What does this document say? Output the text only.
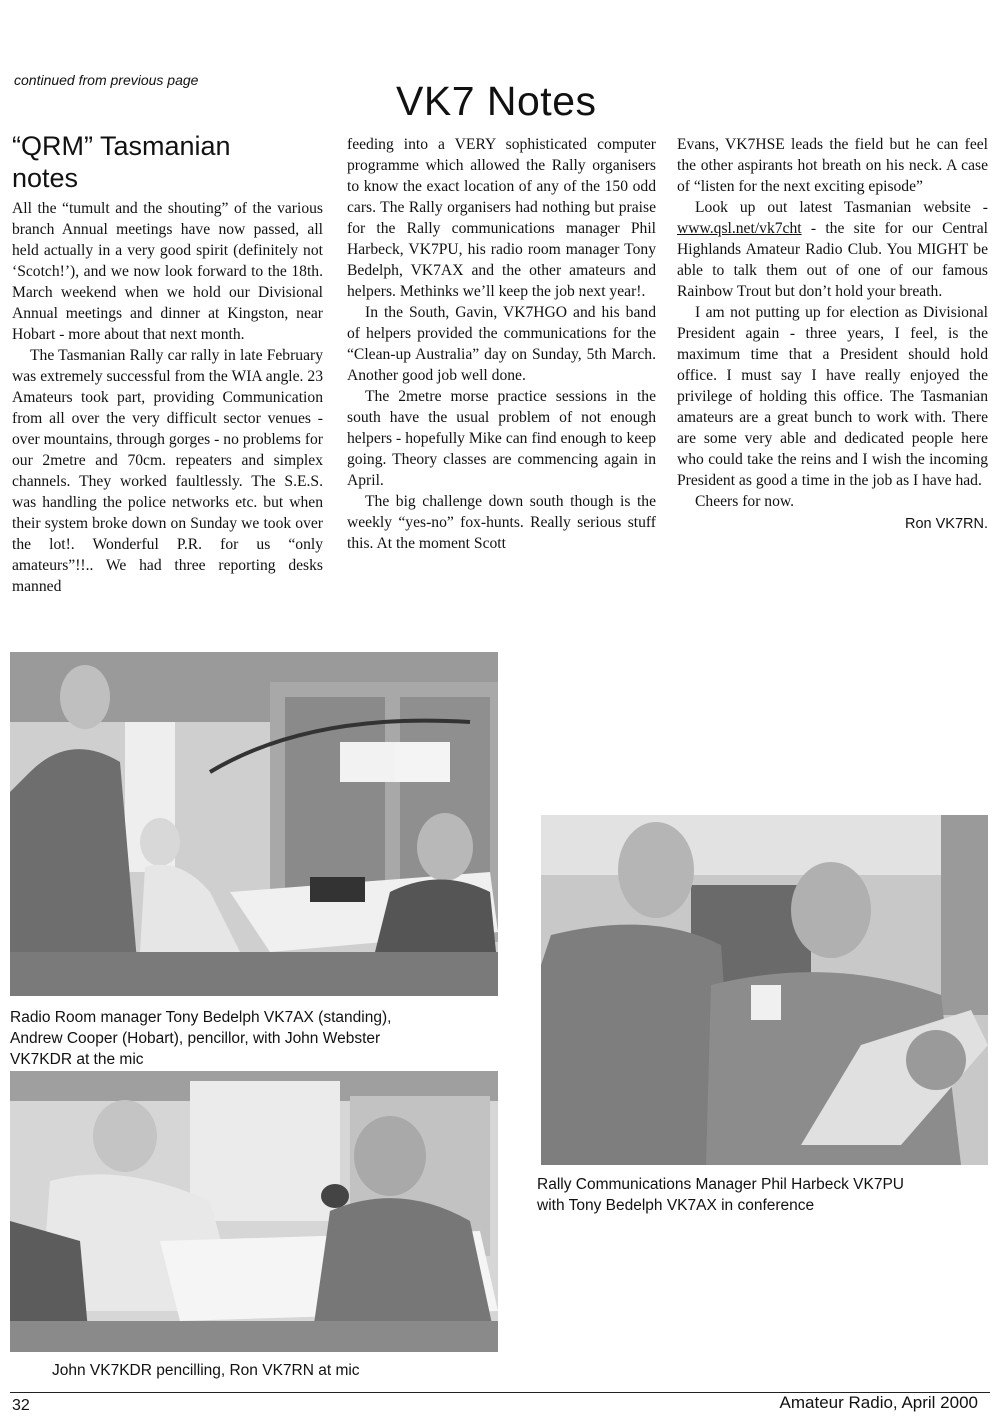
continued from previous page	VK7 Notes
“QRM” Tasmanian
notes

All the “tumult and the shouting” of the various branch Annual meetings have now passed, all held actually in a very good spirit (definitely not ‘Scotch!’), and we now look forward to the 18th. March weekend when we hold our Divisional Annual meetings and dinner at Kingston, near Hobart - more about that next month.

The Tasmanian Rally car rally in late February was extremely successful from the WIA angle. 23 Amateurs took part, providing Communication from all over the very difficult sector venues - over mountains, through gorges - no problems for our 2metre and 70cm. repeaters and simplex channels. They worked faultlessly. The S.E.S. was handling the police networks etc. but when their system broke down on Sunday we took over the lot!. Wonderful P.R. for us “only amateurs”!!.. We had three reporting desks manned

feeding into a VERY sophisticated computer programme which allowed the Rally organisers to know the exact location of any of the 150 odd cars. The Rally organisers had nothing but praise for the Rally communications manager Phil Harbeck, VK7PU, his radio room manager Tony Bedelph, VK7AX and the other amateurs and helpers. Methinks we’ll keep the job next year!.

In the South, Gavin, VK7HGO and his band of helpers provided the communications for the “Clean-up Australia” day on Sunday, 5th March. Another good job well done.

The 2metre morse practice sessions in the south have the usual problem of not enough helpers - hopefully Mike can find enough to keep going. Theory classes are commencing again in April.

The big challenge down south though is the weekly “yes-no” fox-hunts. Really serious stuff this. At the moment Scott

Evans, VK7HSE leads the field but he can feel the other aspirants hot breath on his neck. A case of “listen for the next exciting episode”

Look up out latest Tasmanian website - www.qsl.net/vk7cht - the site for our Central Highlands Amateur Radio Club. You MIGHT be able to talk them out of one of our famous Rainbow Trout but don’t hold your breath.

I am not putting up for election as Divisional President again - three years, I feel, is the maximum time that a President should hold office. I must say I have really enjoyed the privilege of holding this office. The Tasmanian amateurs are a great bunch to work with. There are some very able and dedicated people here who could take the reins and I wish the incoming President as good a time in the job as I have had.

Cheers for now.

Ron VK7RN.

Radio Room manager Tony Bedelph VK7AX (standing),
Andrew Cooper (Hobart), pencillor, with John Webster
VK7KDR at the mic
John VK7KDR pencilling, Ron VK7RN at mic
Rally Communications Manager Phil Harbeck VK7PU
with Tony Bedelph VK7AX in conference
32	Amateur Radio, April 2000
